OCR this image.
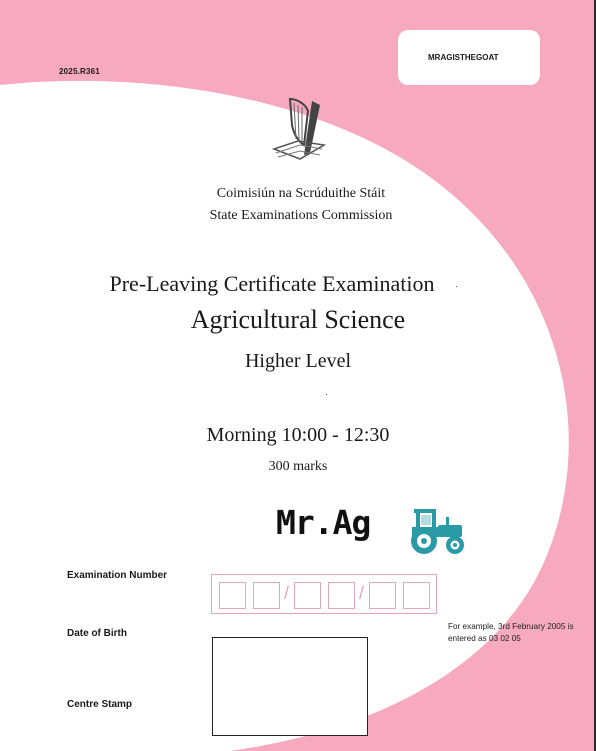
2025.R361
MRAGISTHEGOAT
Coimisiún na Scrúduithe Stáit
State Examinations Commission
Pre-Leaving Certificate Examination
Agricultural Science
Higher Level
Morning 10:00 - 12:30
300 marks
Mr.Ag
Examination Number
Date of Birth
Centre Stamp
/	/
For example, 3rd February 2005 is entered as 03 02 05
